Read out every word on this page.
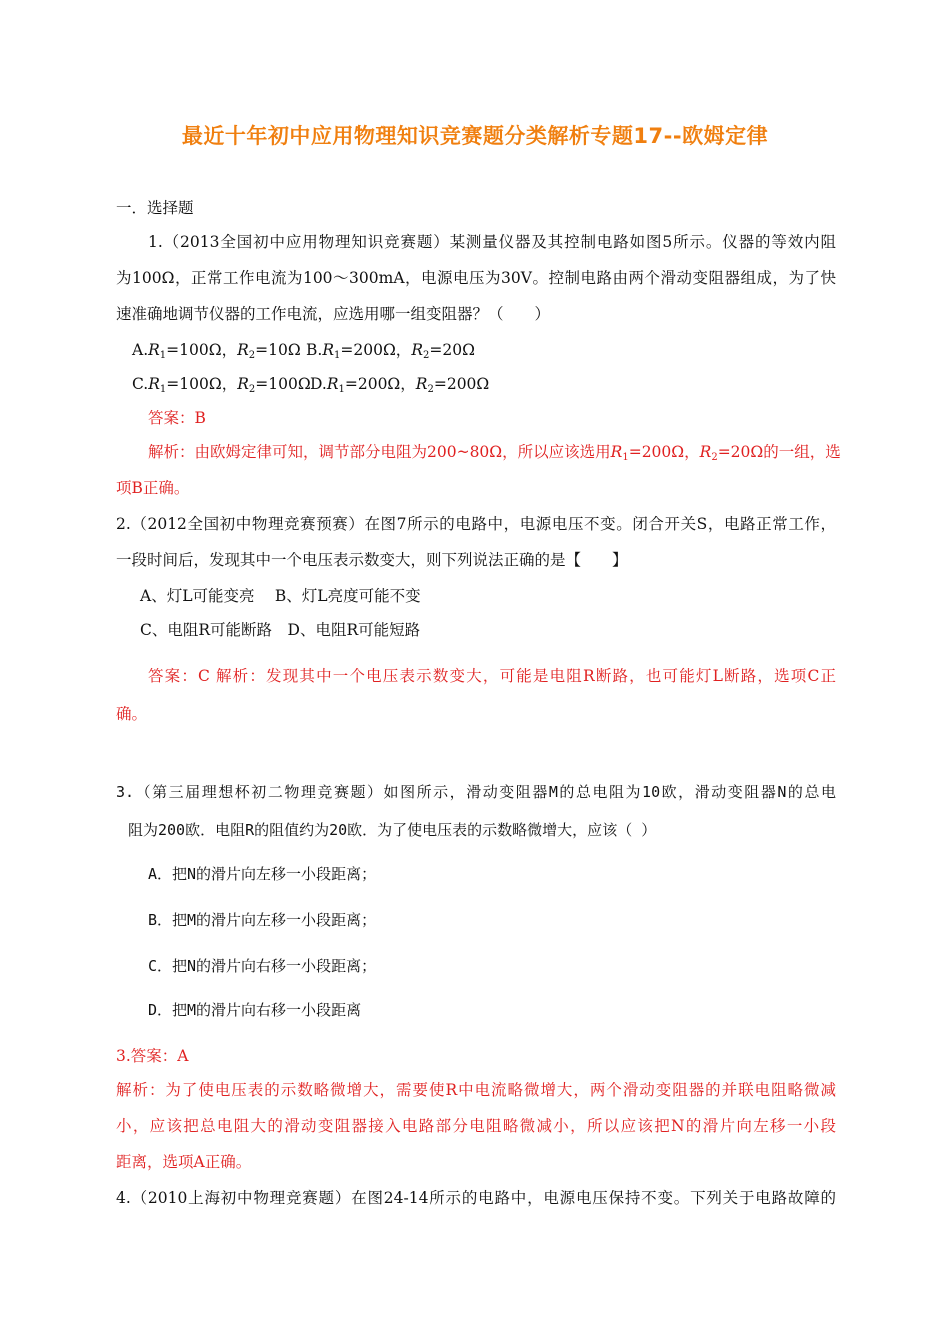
最近十年初中应用物理知识竞赛题分类解析专题17--欧姆定律
一．选择题
1.（2013全国初中应用物理知识竞赛题）某测量仪器及其控制电路如图5所示。仪器的等效内阻
为100Ω，正常工作电流为100～300mA，电源电压为30V。控制电路由两个滑动变阻器组成，为了快
速准确地调节仪器的工作电流，应选用哪一组变阻器？（　　）
$A.R_1=100\Omega$，$R_2=10\Omega$ $B.R_1=200\Omega$，$R_2=20\Omega$
$C.R_1=100\Omega$，$R_2=100\Omega$ $D.R_1=200\Omega$，$R_2=200\Omega$
答案：B
解析：由欧姆定律可知，调节部分电阻为200~80Ω，所以应该选用$R_1=200\Omega$，$R_2=20\Omega$的一组，选
项B正确。
2.（2012全国初中物理竞赛预赛）在图7所示的电路中，电源电压不变。闭合开关S，电路正常工作，
一段时间后，发现其中一个电压表示数变大，则下列说法正确的是【　　】
A、灯L可能变亮　 B、灯L亮度可能不变
C、电阻R可能断路　D、电阻R可能短路
答案：C 解析：发现其中一个电压表示数变大，可能是电阻R断路，也可能灯L断路，选项C正
确。
3.（第三届理想杯初二物理竞赛题）如图所示，滑动变阻器M的总电阻为10欧，滑动变阻器N的总电
阻为200欧．电阻R的阻值约为20欧．为了使电压表的示数略微增大，应该（ ）
A．把N的滑片向左移一小段距离；
B．把M的滑片向左移一小段距离；
C．把N的滑片向右移一小段距离；
D．把M的滑片向右移一小段距离
3.答案：A
解析：为了使电压表的示数略微增大，需要使R中电流略微增大，两个滑动变阻器的并联电阻略微减
小，应该把总电阻大的滑动变阻器接入电路部分电阻略微减小，所以应该把N的滑片向左移一小段
距离，选项A正确。
4.（2010上海初中物理竞赛题）在图24-14所示的电路中，电源电压保持不变。下列关于电路故障的
